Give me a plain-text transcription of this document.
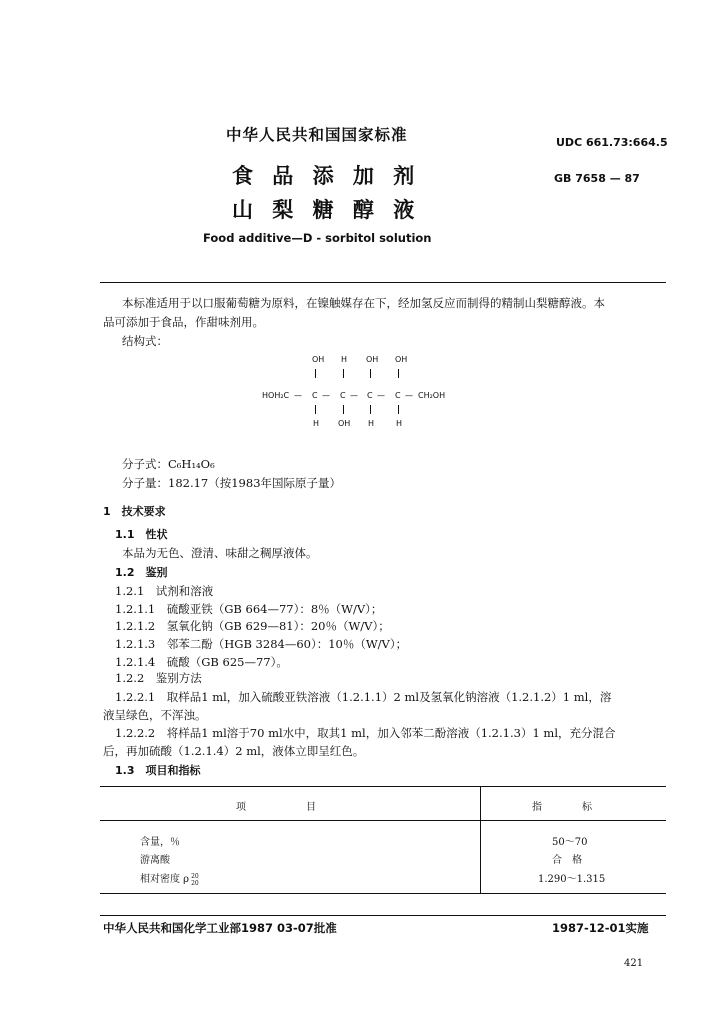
中华人民共和国国家标准	UDC 661.73:664.5
食 品 添 加 剂	GB 7658 — 87
山 梨 糖 醇 液
Food additive—D - sorbitol solution
本标准适用于以口服葡萄糖为原料，在镍触媒存在下，经加氢反应而制得的精制山梨糖醇液。本
品可添加于食品，作甜味剂用。
结构式：
OH H OH OH
HOH₂C — C — C — C — C — CH₂OH
H OH H	H
分子式：C₆H₁₄O₆
分子量：182.17（按1983年国际原子量）
1　技术要求
1.1　性状
本品为无色、澄清、味甜之稠厚液体。
1.2　鉴别
1.2.1　试剂和溶液
1.2.1.1　硫酸亚铁（GB 664—77）：8％（W/V）；
1.2.1.2　氢氧化钠（GB 629—81）：20％（W/V）；
1.2.1.3　邻苯二酚（HGB 3284—60）：10％（W/V）；
1.2.1.4　硫酸（GB 625—77）。
1.2.2　鉴别方法
1.2.2.1　取样品1 ml，加入硫酸亚铁溶液（1.2.1.1）2 ml及氢氧化钠溶液（1.2.1.2）1 ml，溶
液呈绿色，不浑浊。
1.2.2.2　将样品1 ml溶于70 ml水中，取其1 ml，加入邻苯二酚溶液（1.2.1.3）1 ml，充分混合
后，再加硫酸（1.2.1.4）2 ml，液体立即呈红色。
1.3　项目和指标
项　　　　　　目	指　　　　标
含量，％	50～70
游离酸	合　格
相对密度 ρ 20
20	1.290～1.315
中华人民共和国化学工业部1987 03-07批准	1987-12-01实施
421
